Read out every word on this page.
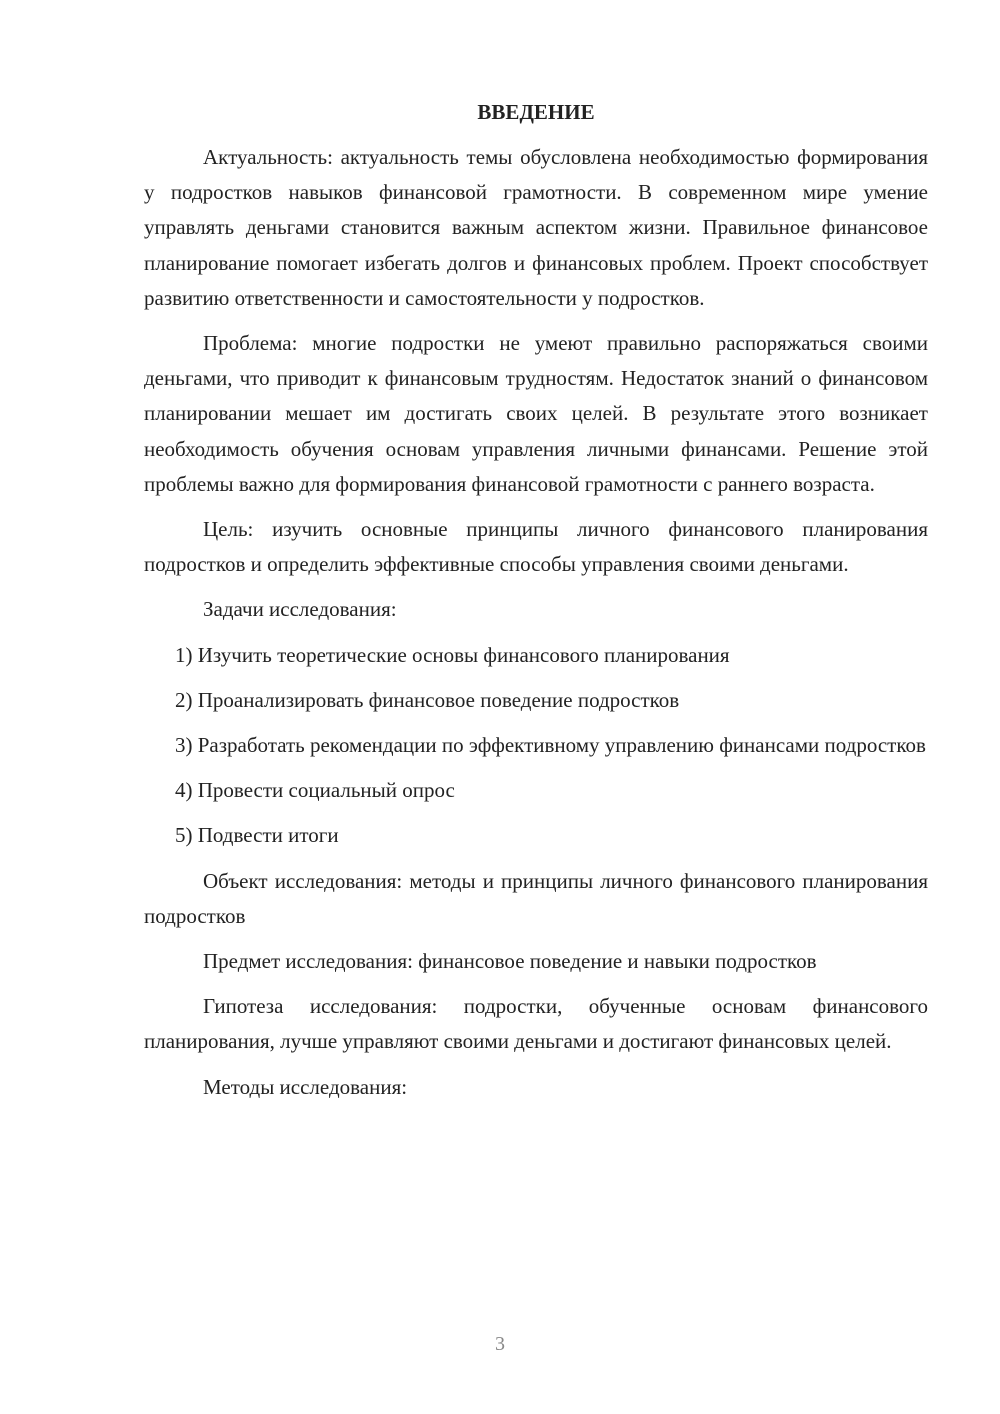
ВВЕДЕНИЕ

Актуальность: актуальность темы обусловлена необходимостью формирования у подростков навыков финансовой грамотности. В современном мире умение управлять деньгами становится важным аспектом жизни. Правильное финансовое планирование помогает избегать долгов и финансовых проблем. Проект способствует развитию ответственности и самостоятельности у подростков.

Проблема: многие подростки не умеют правильно распоряжаться своими деньгами, что приводит к финансовым трудностям. Недостаток знаний о финансовом планировании мешает им достигать своих целей. В результате этого возникает необходимость обучения основам управления личными финансами. Решение этой проблемы важно для формирования финансовой грамотности с раннего возраста.

Цель: изучить основные принципы личного финансового планирования подростков и определить эффективные способы управления своими деньгами.

Задачи исследования:

1) Изучить теоретические основы финансового планирования

2) Проанализировать финансовое поведение подростков

3) Разработать рекомендации по эффективному управлению финансами подростков

4) Провести социальный опрос

5) Подвести итоги

Объект исследования: методы и принципы личного финансового планирования подростков

Предмет исследования: финансовое поведение и навыки подростков

Гипотеза исследования: подростки, обученные основам финансового планирования, лучше управляют своими деньгами и достигают финансовых целей.

Методы исследования:

3
